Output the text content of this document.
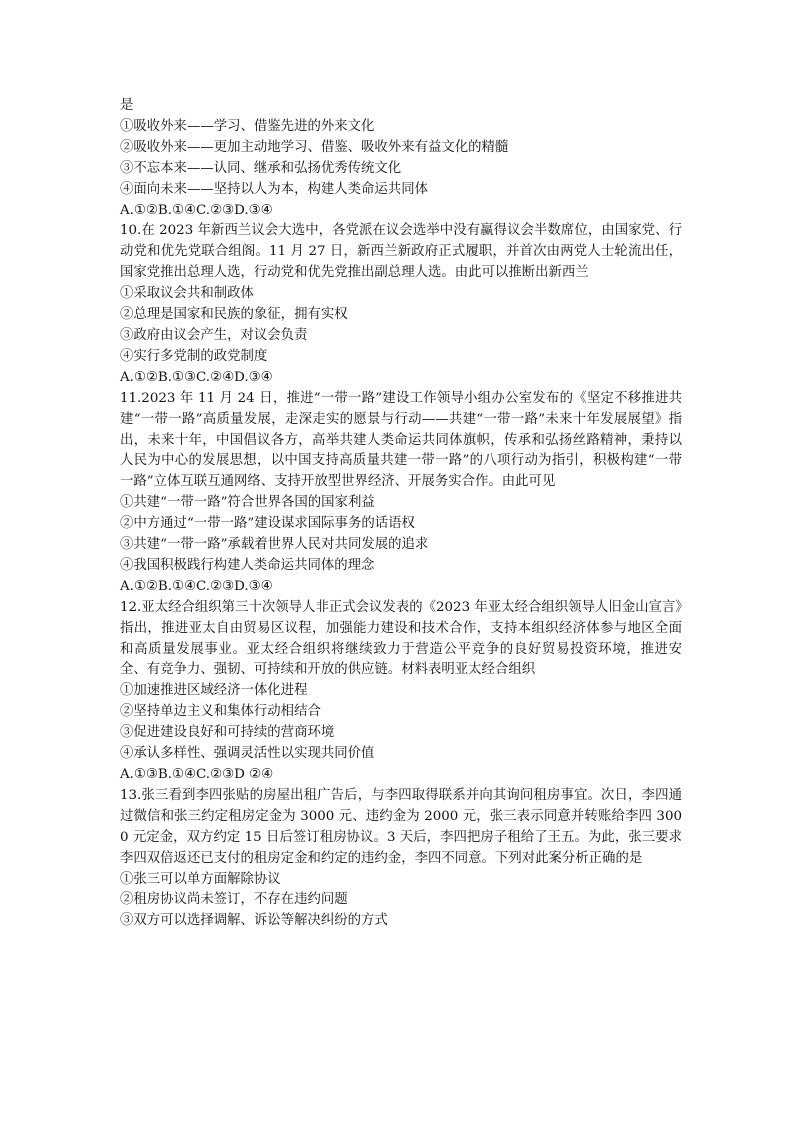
是
①吸收外来——学习、借鉴先进的外来文化
②吸收外来——更加主动地学习、借鉴、吸收外来有益文化的精髓
③不忘本来——认同、继承和弘扬优秀传统文化
④面向未来——坚持以人为本，构建人类命运共同体
A.①②B.①④C.②③D.③④
10.在 2023 年新西兰议会大选中，各党派在议会选举中没有赢得议会半数席位，由国家党、行动党和优先党联合组阁。11 月 27 日，新西兰新政府正式履职，并首次由两党人士轮流出任，国家党推出总理人选，行动党和优先党推出副总理人选。由此可以推断出新西兰
①采取议会共和制政体
②总理是国家和民族的象征，拥有实权
③政府由议会产生，对议会负责
④实行多党制的政党制度
A.①②B.①③C.②④D.③④
11.2023 年 11 月 24 日，推进“一带一路”建设工作领导小组办公室发布的《坚定不移推进共建“一带一路”高质量发展，走深走实的愿景与行动——共建“一带一路”未来十年发展展望》指出，未来十年，中国倡议各方，高举共建人类命运共同体旗帜，传承和弘扬丝路精神，秉持以人民为中心的发展思想，以中国支持高质量共建一带一路”的八项行动为指引，积极构建“一带一路”立体互联互通网络、支持开放型世界经济、开展务实合作。由此可见
①共建“一带一路”符合世界各国的国家利益
②中方通过“一带一路”建设谋求国际事务的话语权
③共建“一带一路”承载着世界人民对共同发展的追求
④我国积极践行构建人类命运共同体的理念
A.①②B.①④C.②③D.③④
12.亚太经合组织第三十次领导人非正式会议发表的《2023 年亚太经合组织领导人旧金山宣言》指出，推进亚太自由贸易区议程，加强能力建设和技术合作，支持本组织经济体参与地区全面和高质量发展事业。亚太经合组织将继续致力于营造公平竞争的良好贸易投资环境，推进安全、有竞争力、强韧、可持续和开放的供应链。材料表明亚太经合组织
①加速推进区域经济一体化进程
②坚持单边主义和集体行动相结合
③促进建设良好和可持续的营商环境
④承认多样性、强调灵活性以实现共同价值
A.①③B.①④C.②③D ②④
13.张三看到李四张贴的房屋出租广告后，与李四取得联系并向其询问租房事宜。次日，李四通过微信和张三约定租房定金为 3000 元、违约金为 2000 元，张三表示同意并转账给李四 3000 元定金，双方约定 15 日后签订租房协议。3 天后，李四把房子租给了王五。为此，张三要求李四双倍返还已支付的租房定金和约定的违约金，李四不同意。下列对此案分析正确的是
①张三可以单方面解除协议
②租房协议尚未签订，不存在违约问题
③双方可以选择调解、诉讼等解决纠纷的方式
